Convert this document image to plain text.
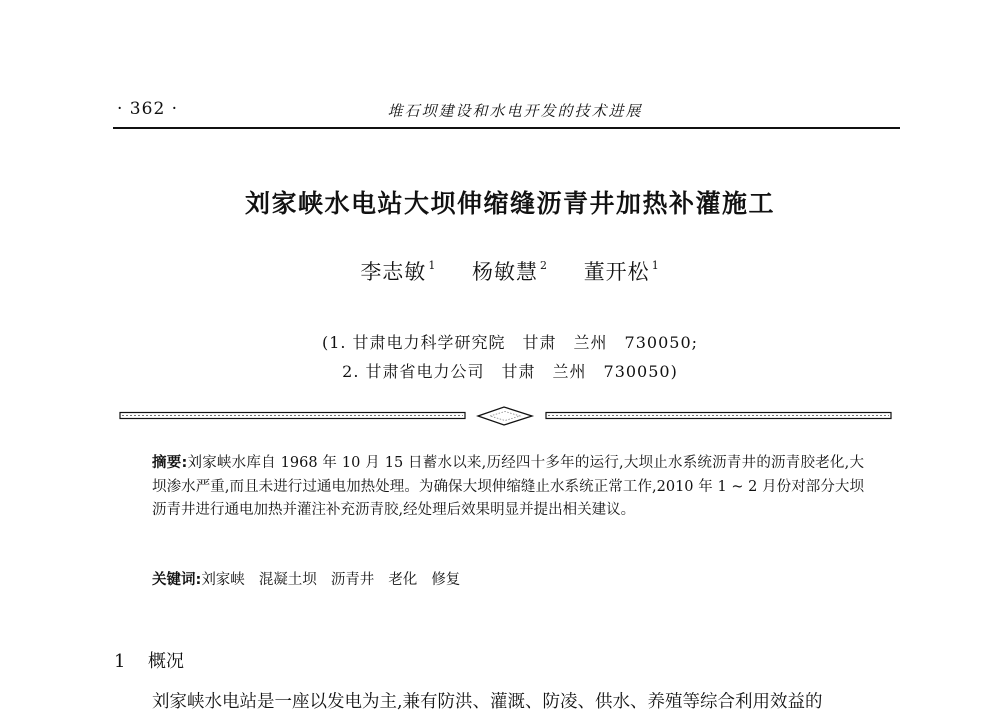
· 362 ·	堆石坝建设和水电开发的技术进展
刘家峡水电站大坝伸缩缝沥青井加热补灌施工
李志敏 $^1$ 杨敏慧 $^2$ 董开松 $^1$
(1. 甘肃电力科学研究院　甘肃　兰州　730050;
2. 甘肃省电力公司　甘肃　兰州　730050)
摘要:刘家峡水库自 1968 年 10 月 15 日蓄水以来,历经四十多年的运行,大坝止水系统沥青井的沥青胶老化,大坝渗水严重,而且未进行过通电加热处理。为确保大坝伸缩缝止水系统正常工作,2010 年 1 ~ 2 月份对部分大坝沥青井进行通电加热并灌注补充沥青胶,经处理后效果明显并提出相关建议。
关键词:刘家峡 混凝土坝 沥青井 老化 修复
1 概况
刘家峡水电站是一座以发电为主,兼有防洪、灌溉、防凌、供水、养殖等综合利用效益的
